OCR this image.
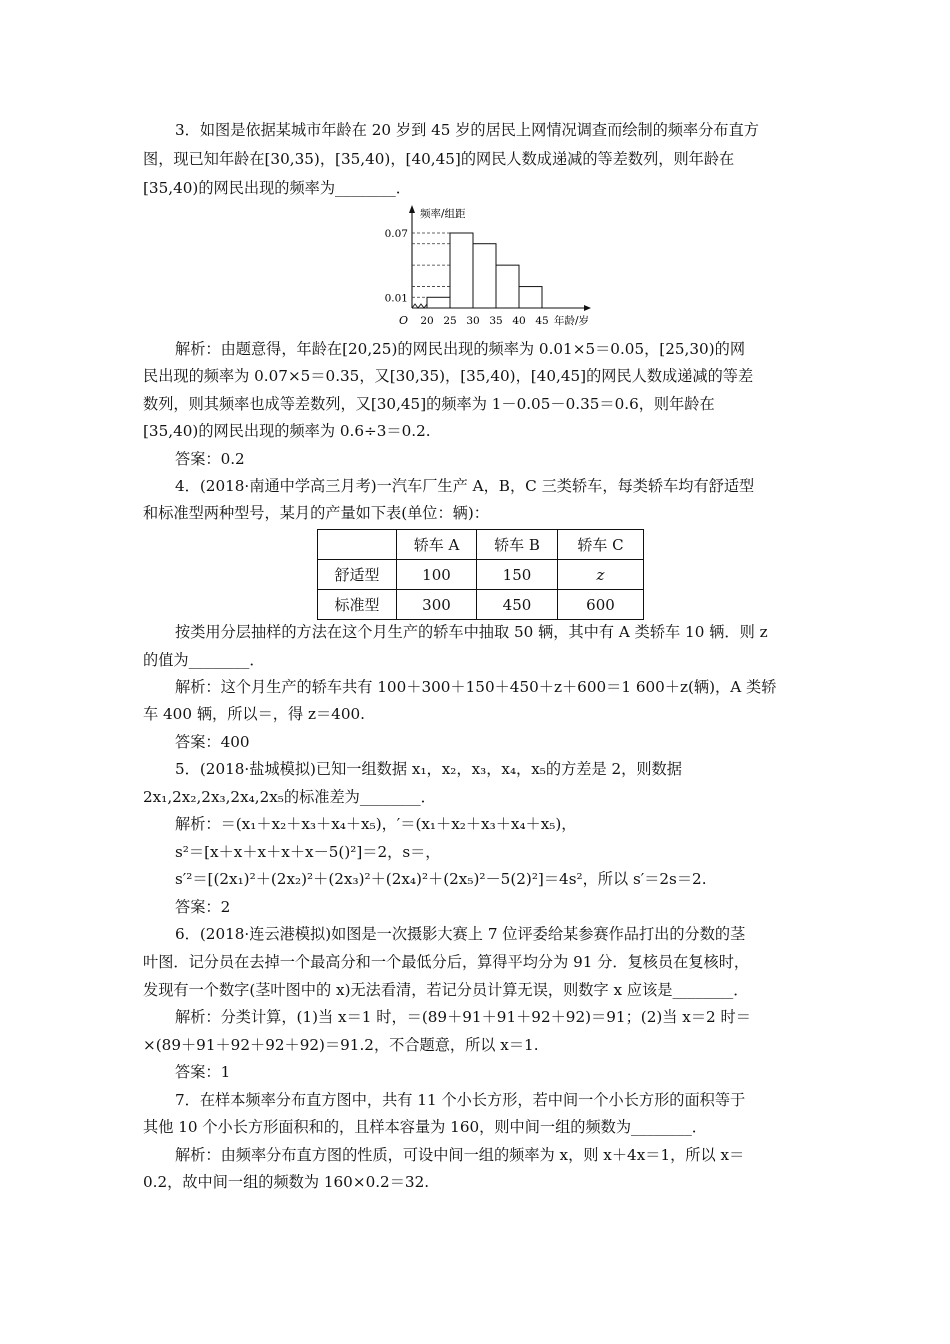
3．如图是依据某城市年龄在 20 岁到 45 岁的居民上网情况调查而绘制的频率分布直方
图，现已知年龄在[30,35)，[35,40)，[40,45]的网民人数成递减的等差数列，则年龄在
[35,40)的网民出现的频率为________．
0.01
0.07
20 25 30 35 40 45
O
频率/组距
年龄/岁
解析：由题意得，年龄在[20,25)的网民出现的频率为 0.01×5＝0.05，[25,30)的网
民出现的频率为 0.07×5＝0.35，又[30,35)，[35,40)，[40,45]的网民人数成递减的等差
数列，则其频率也成等差数列，又[30,45]的频率为 1－0.05－0.35＝0.6，则年龄在
[35,40)的网民出现的频率为 0.6÷3＝0.2.
答案：0.2
4．(2018·南通中学高三月考)一汽车厂生产 A，B，C 三类轿车，每类轿车均有舒适型
和标准型两种型号，某月的产量如下表(单位：辆)：
	轿车 A	轿车 B	轿车 C
舒适型	100	150	z
标准型	300	450	600
按类用分层抽样的方法在这个月生产的轿车中抽取 50 辆，其中有 A 类轿车 10 辆．则 z
的值为________．
解析：这个月生产的轿车共有 100＋300＋150＋450＋z＋600＝1 600＋z(辆)，A 类轿
车 400 辆，所以＝，得 z＝400.
答案：400
5．(2018·盐城模拟)已知一组数据 x₁，x₂，x₃，x₄，x₅的方差是 2，则数据
2x₁,2x₂,2x₃,2x₄,2x₅的标准差为________．
解析：＝(x₁＋x₂＋x₃＋x₄＋x₅)，′＝(x₁＋x₂＋x₃＋x₄＋x₅)，
s²＝[x＋x＋x＋x＋x－5()²]＝2，s＝，
s′²＝[(2x₁)²＋(2x₂)²＋(2x₃)²＋(2x₄)²＋(2x₅)²－5(2)²]＝4s²，所以 s′＝2s＝2.
答案：2
6．(2018·连云港模拟)如图是一次摄影大赛上 7 位评委给某参赛作品打出的分数的茎
叶图．记分员在去掉一个最高分和一个最低分后，算得平均分为 91 分．复核员在复核时，
发现有一个数字(茎叶图中的 x)无法看清，若记分员计算无误，则数字 x 应该是________．
解析：分类计算，(1)当 x＝1 时，＝(89＋91＋91＋92＋92)＝91；(2)当 x＝2 时＝
×(89＋91＋92＋92＋92)＝91.2，不合题意，所以 x＝1.
答案：1
7．在样本频率分布直方图中，共有 11 个小长方形，若中间一个小长方形的面积等于
其他 10 个小长方形面积和的，且样本容量为 160，则中间一组的频数为________．
解析：由频率分布直方图的性质，可设中间一组的频率为 x，则 x＋4x＝1，所以 x＝
0.2，故中间一组的频数为 160×0.2＝32.
